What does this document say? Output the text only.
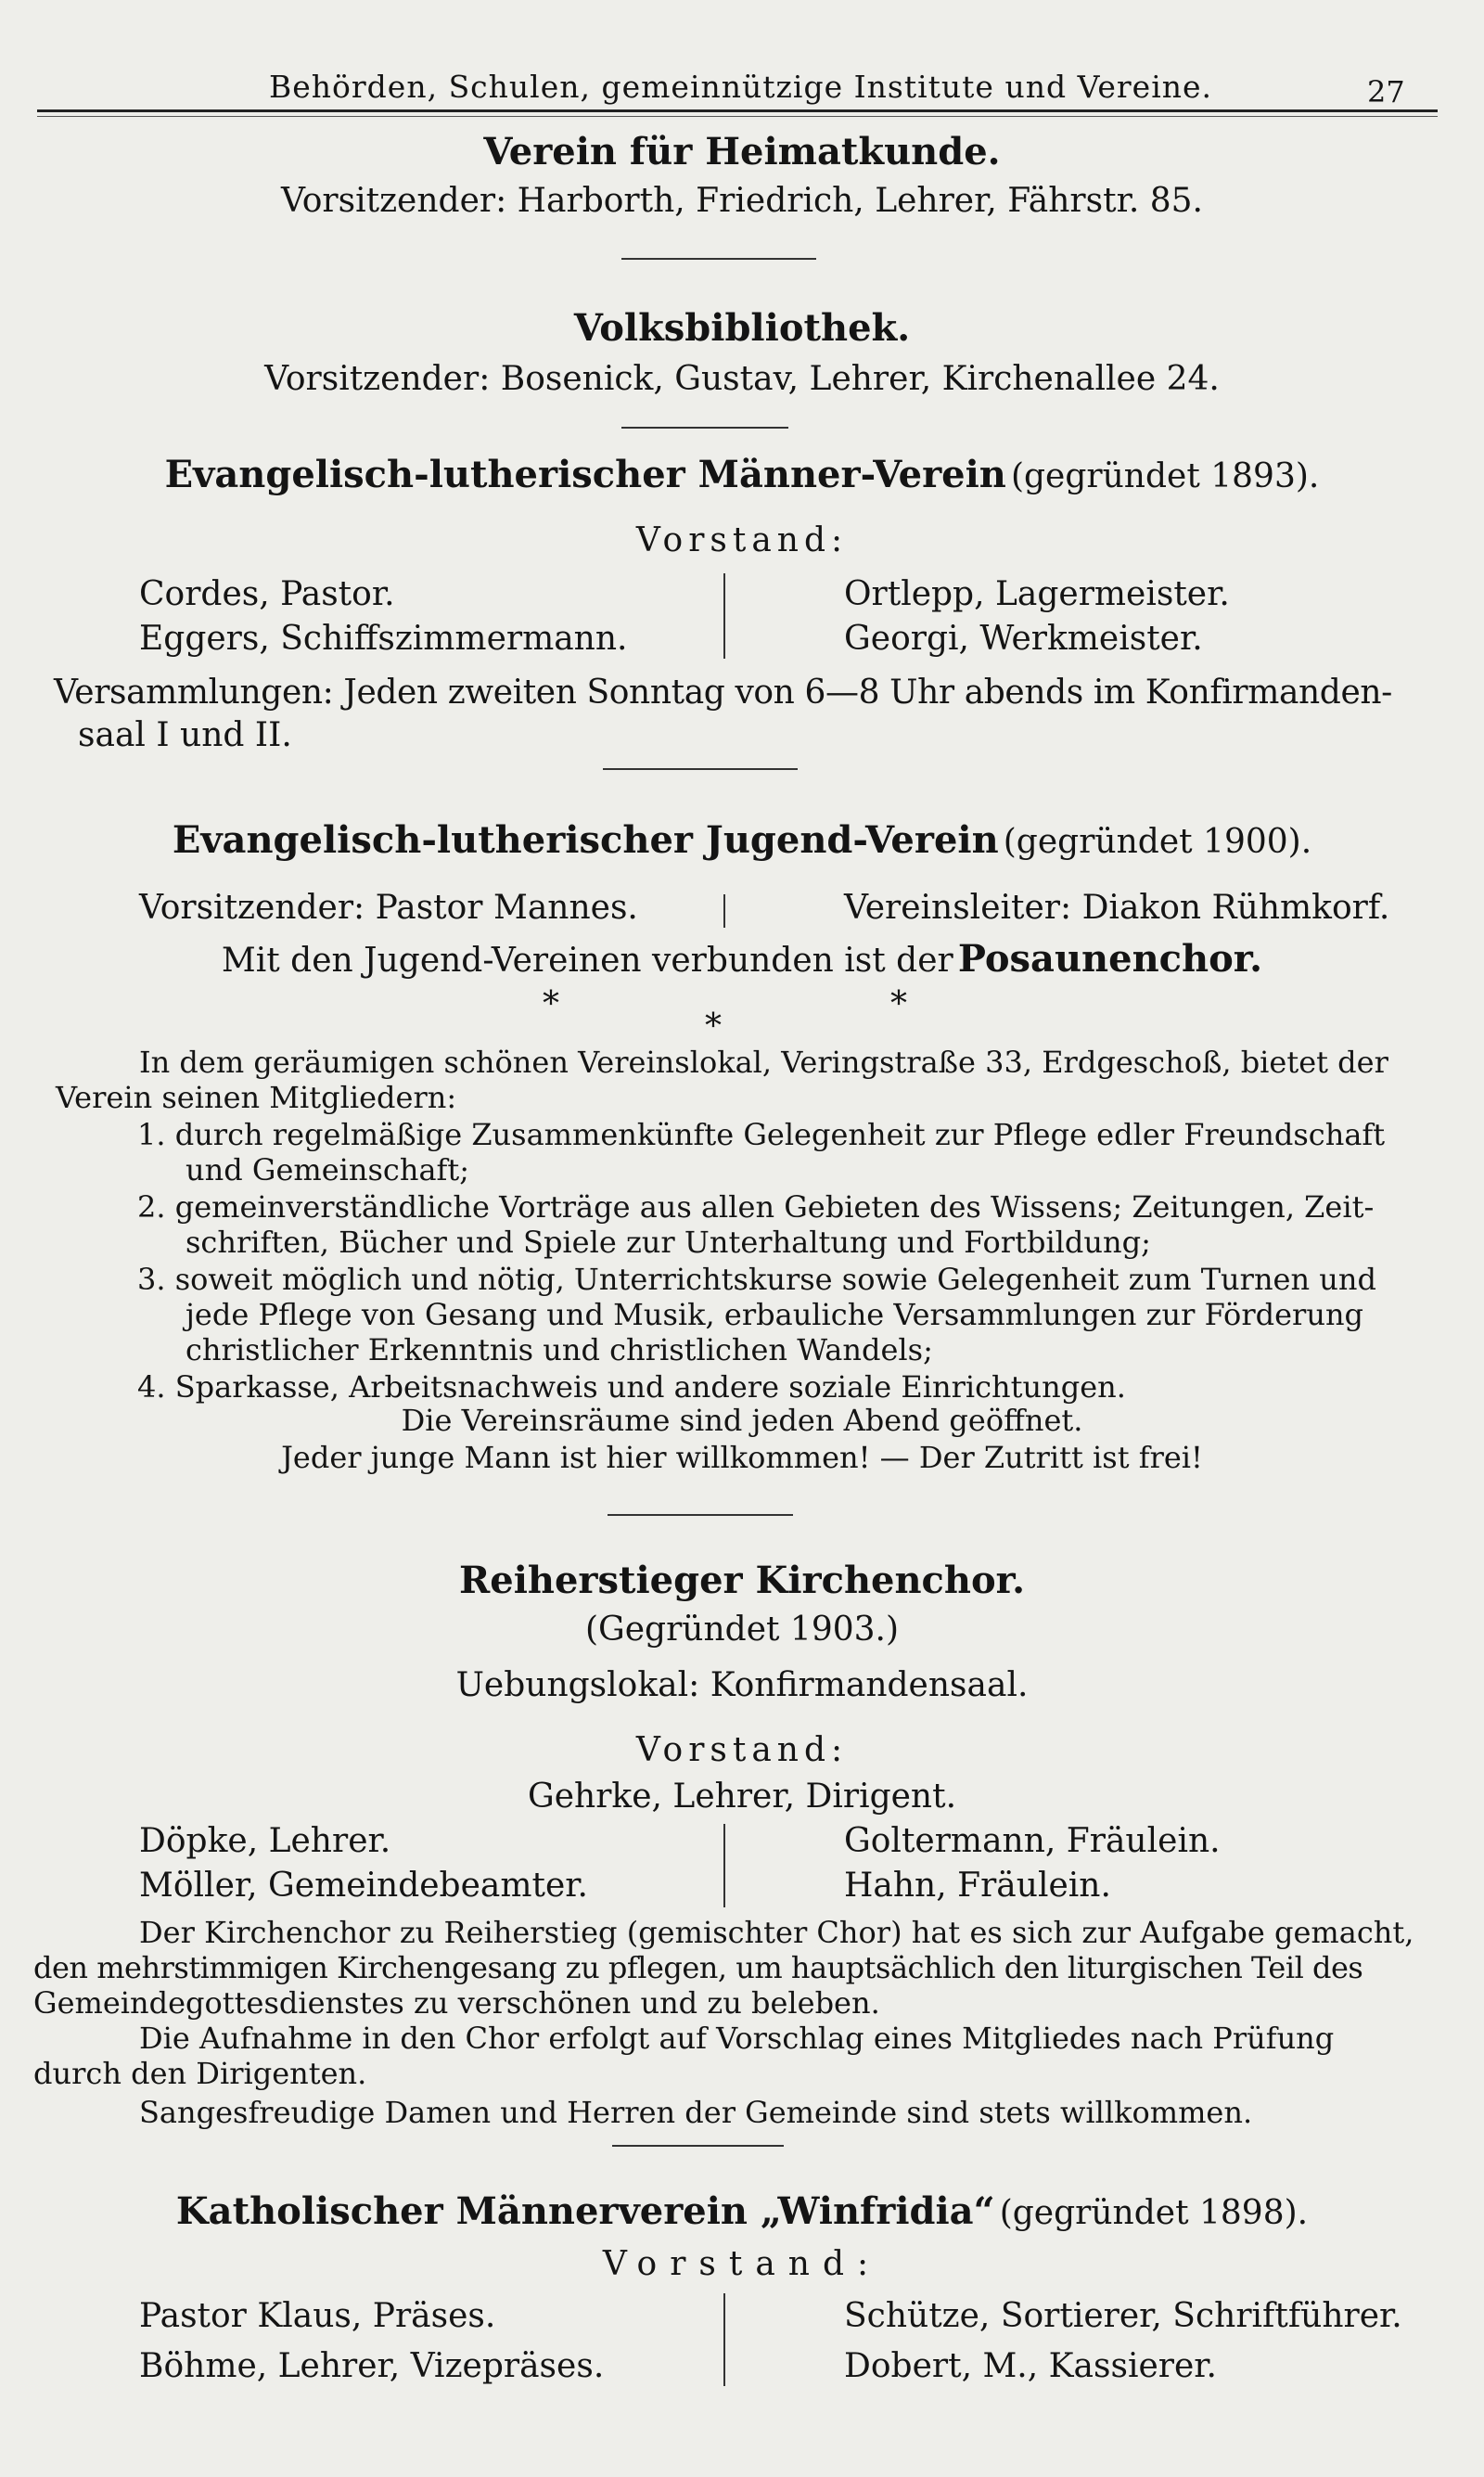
Behörden, Schulen, gemeinnützige Institute und Vereine.	27
Verein für Heimatkunde.
Vorsitzender: Harborth, Friedrich, Lehrer, Fährstr. 85.
Volksbibliothek.
Vorsitzender: Bosenick, Gustav, Lehrer, Kirchenallee 24.
Evangelisch-lutherischer Männer-Verein (gegründet 1893).
Vorstand:
Cordes, Pastor.
Eggers, Schiffszimmermann.
Ortlepp, Lagermeister.
Georgi, Werkmeister.
Versammlungen: Jeden zweiten Sonntag von 6—8 Uhr abends im Konfirmanden-
saal I und II.
Evangelisch-lutherischer Jugend-Verein (gegründet 1900).
Vorsitzender: Pastor Mannes.	Vereinsleiter: Diakon Rühmkorf.
Mit den Jugend-Vereinen verbunden ist der Posaunenchor.
*
*
*
In dem geräumigen schönen Vereinslokal, Veringstraße 33, Erdgeschoß, bietet der
Verein seinen Mitgliedern:
1. durch regelmäßige Zusammenkünfte Gelegenheit zur Pflege edler Freundschaft
und Gemeinschaft;
2. gemeinverständliche Vorträge aus allen Gebieten des Wissens; Zeitungen, Zeit-
schriften, Bücher und Spiele zur Unterhaltung und Fortbildung;
3. soweit möglich und nötig, Unterrichtskurse sowie Gelegenheit zum Turnen und
jede Pflege von Gesang und Musik, erbauliche Versammlungen zur Förderung
christlicher Erkenntnis und christlichen Wandels;
4. Sparkasse, Arbeitsnachweis und andere soziale Einrichtungen.
Die Vereinsräume sind jeden Abend geöffnet.
Jeder junge Mann ist hier willkommen! — Der Zutritt ist frei!
Reiherstieger Kirchenchor.
(Gegründet 1903.)
Uebungslokal: Konfirmandensaal.
Vorstand:
Gehrke, Lehrer, Dirigent.
Döpke, Lehrer.
Möller, Gemeindebeamter.
Goltermann, Fräulein.
Hahn, Fräulein.
Der Kirchenchor zu Reiherstieg (gemischter Chor) hat es sich zur Aufgabe gemacht,
den mehrstimmigen Kirchengesang zu pflegen, um hauptsächlich den liturgischen Teil des
Gemeindegottesdienstes zu verschönen und zu beleben.
Die Aufnahme in den Chor erfolgt auf Vorschlag eines Mitgliedes nach Prüfung
durch den Dirigenten.
Sangesfreudige Damen und Herren der Gemeinde sind stets willkommen.
Katholischer Männerverein „Winfridia“ (gegründet 1898).
Vorstand:
Pastor Klaus, Präses.
Böhme, Lehrer, Vizepräses.
Schütze, Sortierer, Schriftführer.
Dobert, M., Kassierer.
